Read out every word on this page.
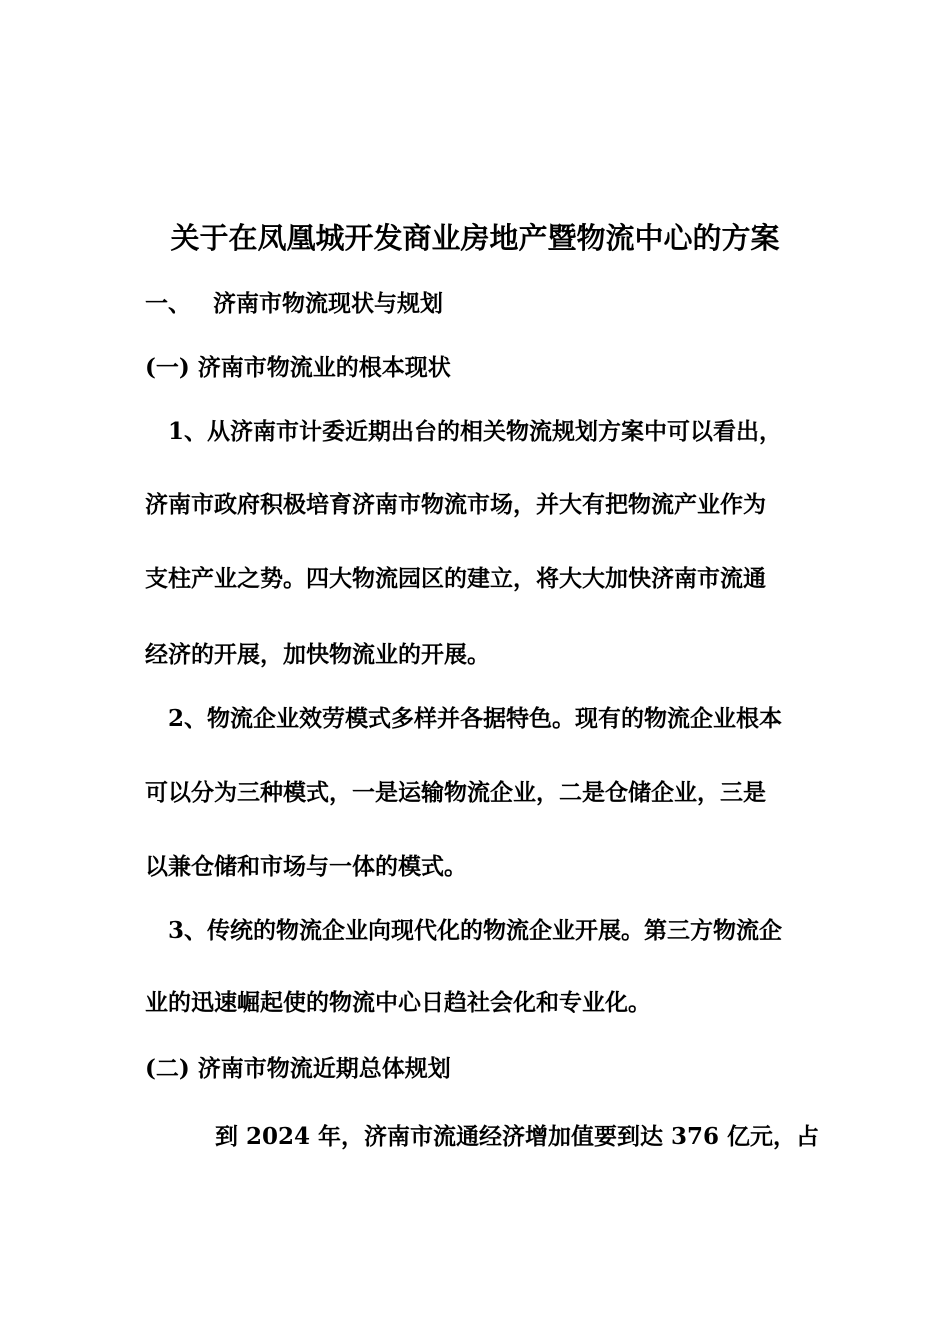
关于在凤凰城开发商业房地产暨物流中心的方案
一、 济南市物流现状与规划
(一) 济南市物流业的根本现状
1、从济南市计委近期出台的相关物流规划方案中可以看出，
济南市政府积极培育济南市物流市场，并大有把物流产业作为
支柱产业之势。四大物流园区的建立，将大大加快济南市流通
经济的开展，加快物流业的开展。
2、物流企业效劳模式多样并各据特色。现有的物流企业根本
可以分为三种模式，一是运输物流企业，二是仓储企业，三是
以兼仓储和市场与一体的模式。
3、传统的物流企业向现代化的物流企业开展。第三方物流企
业的迅速崛起使的物流中心日趋社会化和专业化。
(二) 济南市物流近期总体规划
到 2024 年，济南市流通经济增加值要到达 376 亿元，占
